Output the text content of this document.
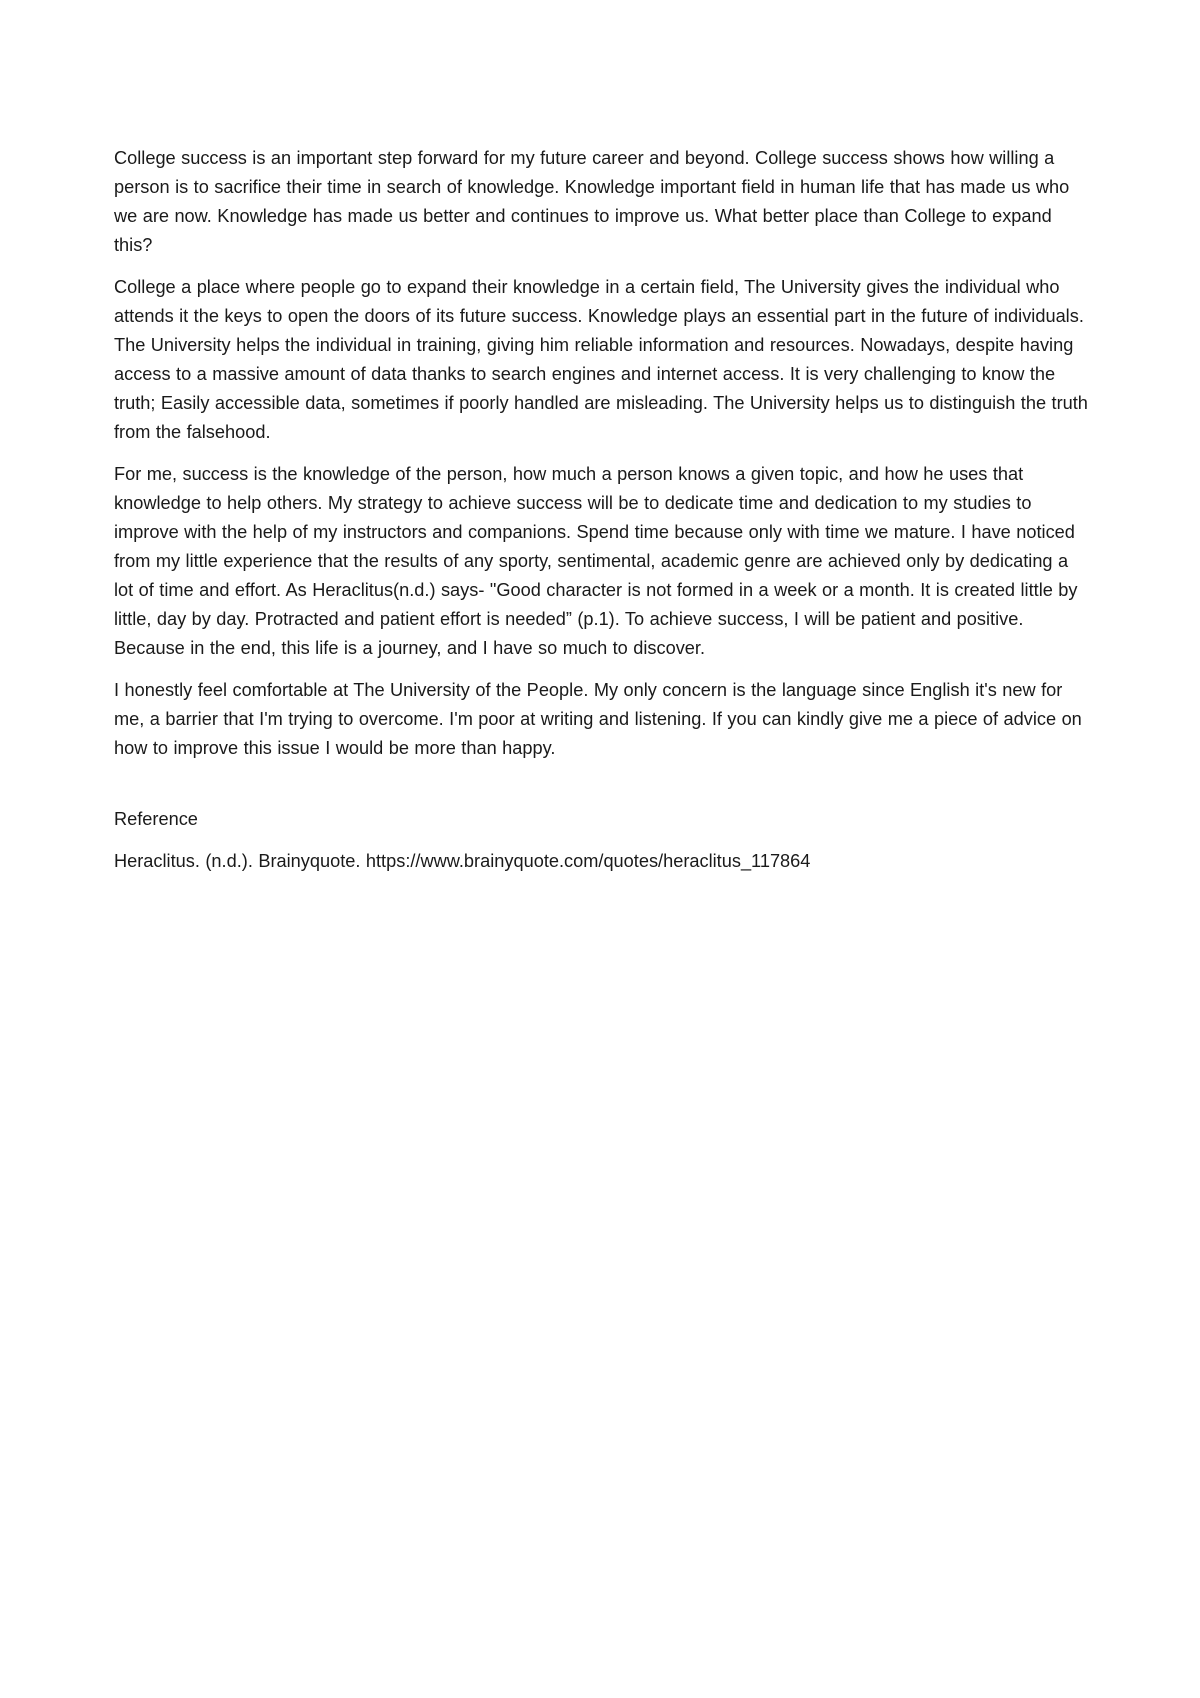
College success is an important step forward for my future career and beyond. College success shows how willing a person is to sacrifice their time in search of knowledge. Knowledge important field in human life that has made us who we are now. Knowledge has made us better and continues to improve us. What better place than College to expand this?

College a place where people go to expand their knowledge in a certain field, The University gives the individual who attends it the keys to open the doors of its future success. Knowledge plays an essential part in the future of individuals. The University helps the individual in training, giving him reliable information and resources. Nowadays, despite having access to a massive amount of data thanks to search engines and internet access. It is very challenging to know the truth; Easily accessible data, sometimes if poorly handled are misleading. The University helps us to distinguish the truth from the falsehood.

For me, success is the knowledge of the person, how much a person knows a given topic, and how he uses that knowledge to help others. My strategy to achieve success will be to dedicate time and dedication to my studies to improve with the help of my instructors and companions. Spend time because only with time we mature. I have noticed from my little experience that the results of any sporty, sentimental, academic genre are achieved only by dedicating a lot of time and effort. As Heraclitus(n.d.) says- "Good character is not formed in a week or a month. It is created little by little, day by day. Protracted and patient effort is needed” (p.1). To achieve success, I will be patient and positive. Because in the end, this life is a journey, and I have so much to discover.

I honestly feel comfortable at The University of the People. My only concern is the language since English it's new for me, a barrier that I'm trying to overcome. I'm poor at writing and listening. If you can kindly give me a piece of advice on how to improve this issue I would be more than happy.

Reference

Heraclitus. (n.d.). Brainyquote. https://www.brainyquote.com/quotes/heraclitus_117864
